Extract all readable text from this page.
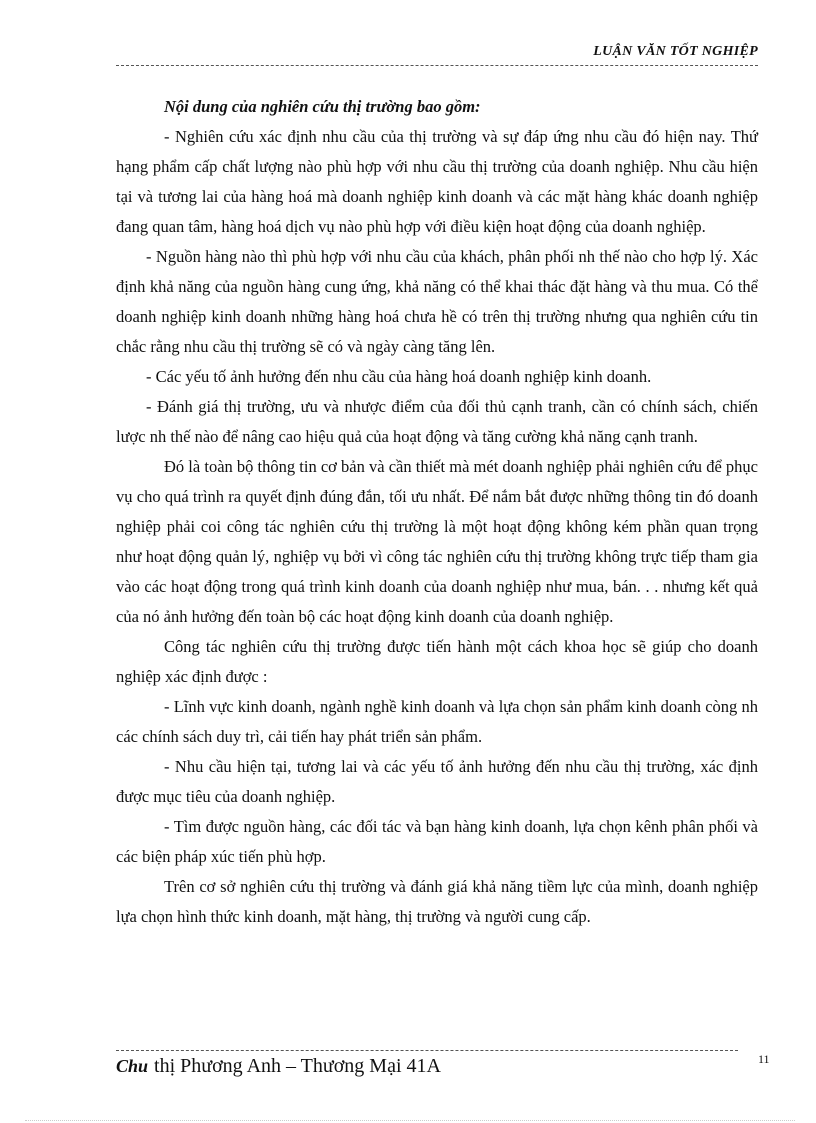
LUẬN VĂN TỐT NGHIỆP

Nội dung của nghiên cứu thị trường bao gồm:

- Nghiên cứu xác định nhu cầu của thị trường và sự đáp ứng nhu cầu đó hiện nay. Thứ hạng phẩm cấp chất lượng nào phù hợp với nhu cầu thị trường của doanh nghiệp. Nhu cầu hiện tại và tương lai của hàng hoá mà doanh nghiệp kinh doanh và các mặt hàng khác doanh nghiệp đang quan tâm, hàng hoá dịch vụ nào phù hợp với điều kiện hoạt động của doanh nghiệp.

- Nguồn hàng nào thì phù hợp với nhu cầu của khách, phân phối nh thế nào cho hợp lý. Xác định khả năng của nguồn hàng cung ứng, khả năng có thể khai thác đặt hàng và thu mua. Có thể doanh nghiệp kinh doanh những hàng hoá chưa hề có trên thị trường nhưng qua nghiên cứu tin chắc rằng nhu cầu thị trường sẽ có và ngày càng tăng lên.

- Các yếu tố ảnh hưởng đến nhu cầu của hàng hoá doanh nghiệp kinh doanh.

- Đánh giá thị trường, ưu và nhược điểm của đối thủ cạnh tranh, cần có chính sách, chiến lược nh thế nào để nâng cao hiệu quả của hoạt động và tăng cường khả năng cạnh tranh.

Đó là toàn bộ thông tin cơ bản và cần thiết mà mét doanh nghiệp phải nghiên cứu để phục vụ cho quá trình ra quyết định đúng đắn, tối ưu nhất. Để nắm bắt được những thông tin đó doanh nghiệp phải coi công tác nghiên cứu thị trường là một hoạt động không kém phần quan trọng như hoạt động quản lý, nghiệp vụ bởi vì công tác nghiên cứu thị trường không trực tiếp tham gia vào các hoạt động trong quá trình kinh doanh của doanh nghiệp như mua, bán. . . nhưng kết quả của nó ảnh hưởng đến toàn bộ các hoạt động kinh doanh của doanh nghiệp.

Công tác nghiên cứu thị trường được tiến hành một cách khoa học sẽ giúp cho doanh nghiệp xác định được :

- Lĩnh vực kinh doanh, ngành nghề kinh doanh và lựa chọn sản phẩm kinh doanh còng nh các chính sách duy trì, cải tiến hay phát triển sản phẩm.

- Nhu cầu hiện tại, tương lai và các yếu tố ảnh hưởng đến nhu cầu thị trường, xác định được mục tiêu của doanh nghiệp.

- Tìm được nguồn hàng, các đối tác và bạn hàng kinh doanh, lựa chọn kênh phân phối và các biện pháp xúc tiến phù hợp.

Trên cơ sở nghiên cứu thị trường và đánh giá khả năng tiềm lực của mình, doanh nghiệp lựa chọn hình thức kinh doanh, mặt hàng, thị trường và người cung cấp.

Chu thị Phương Anh – Thương Mại 41A	11
